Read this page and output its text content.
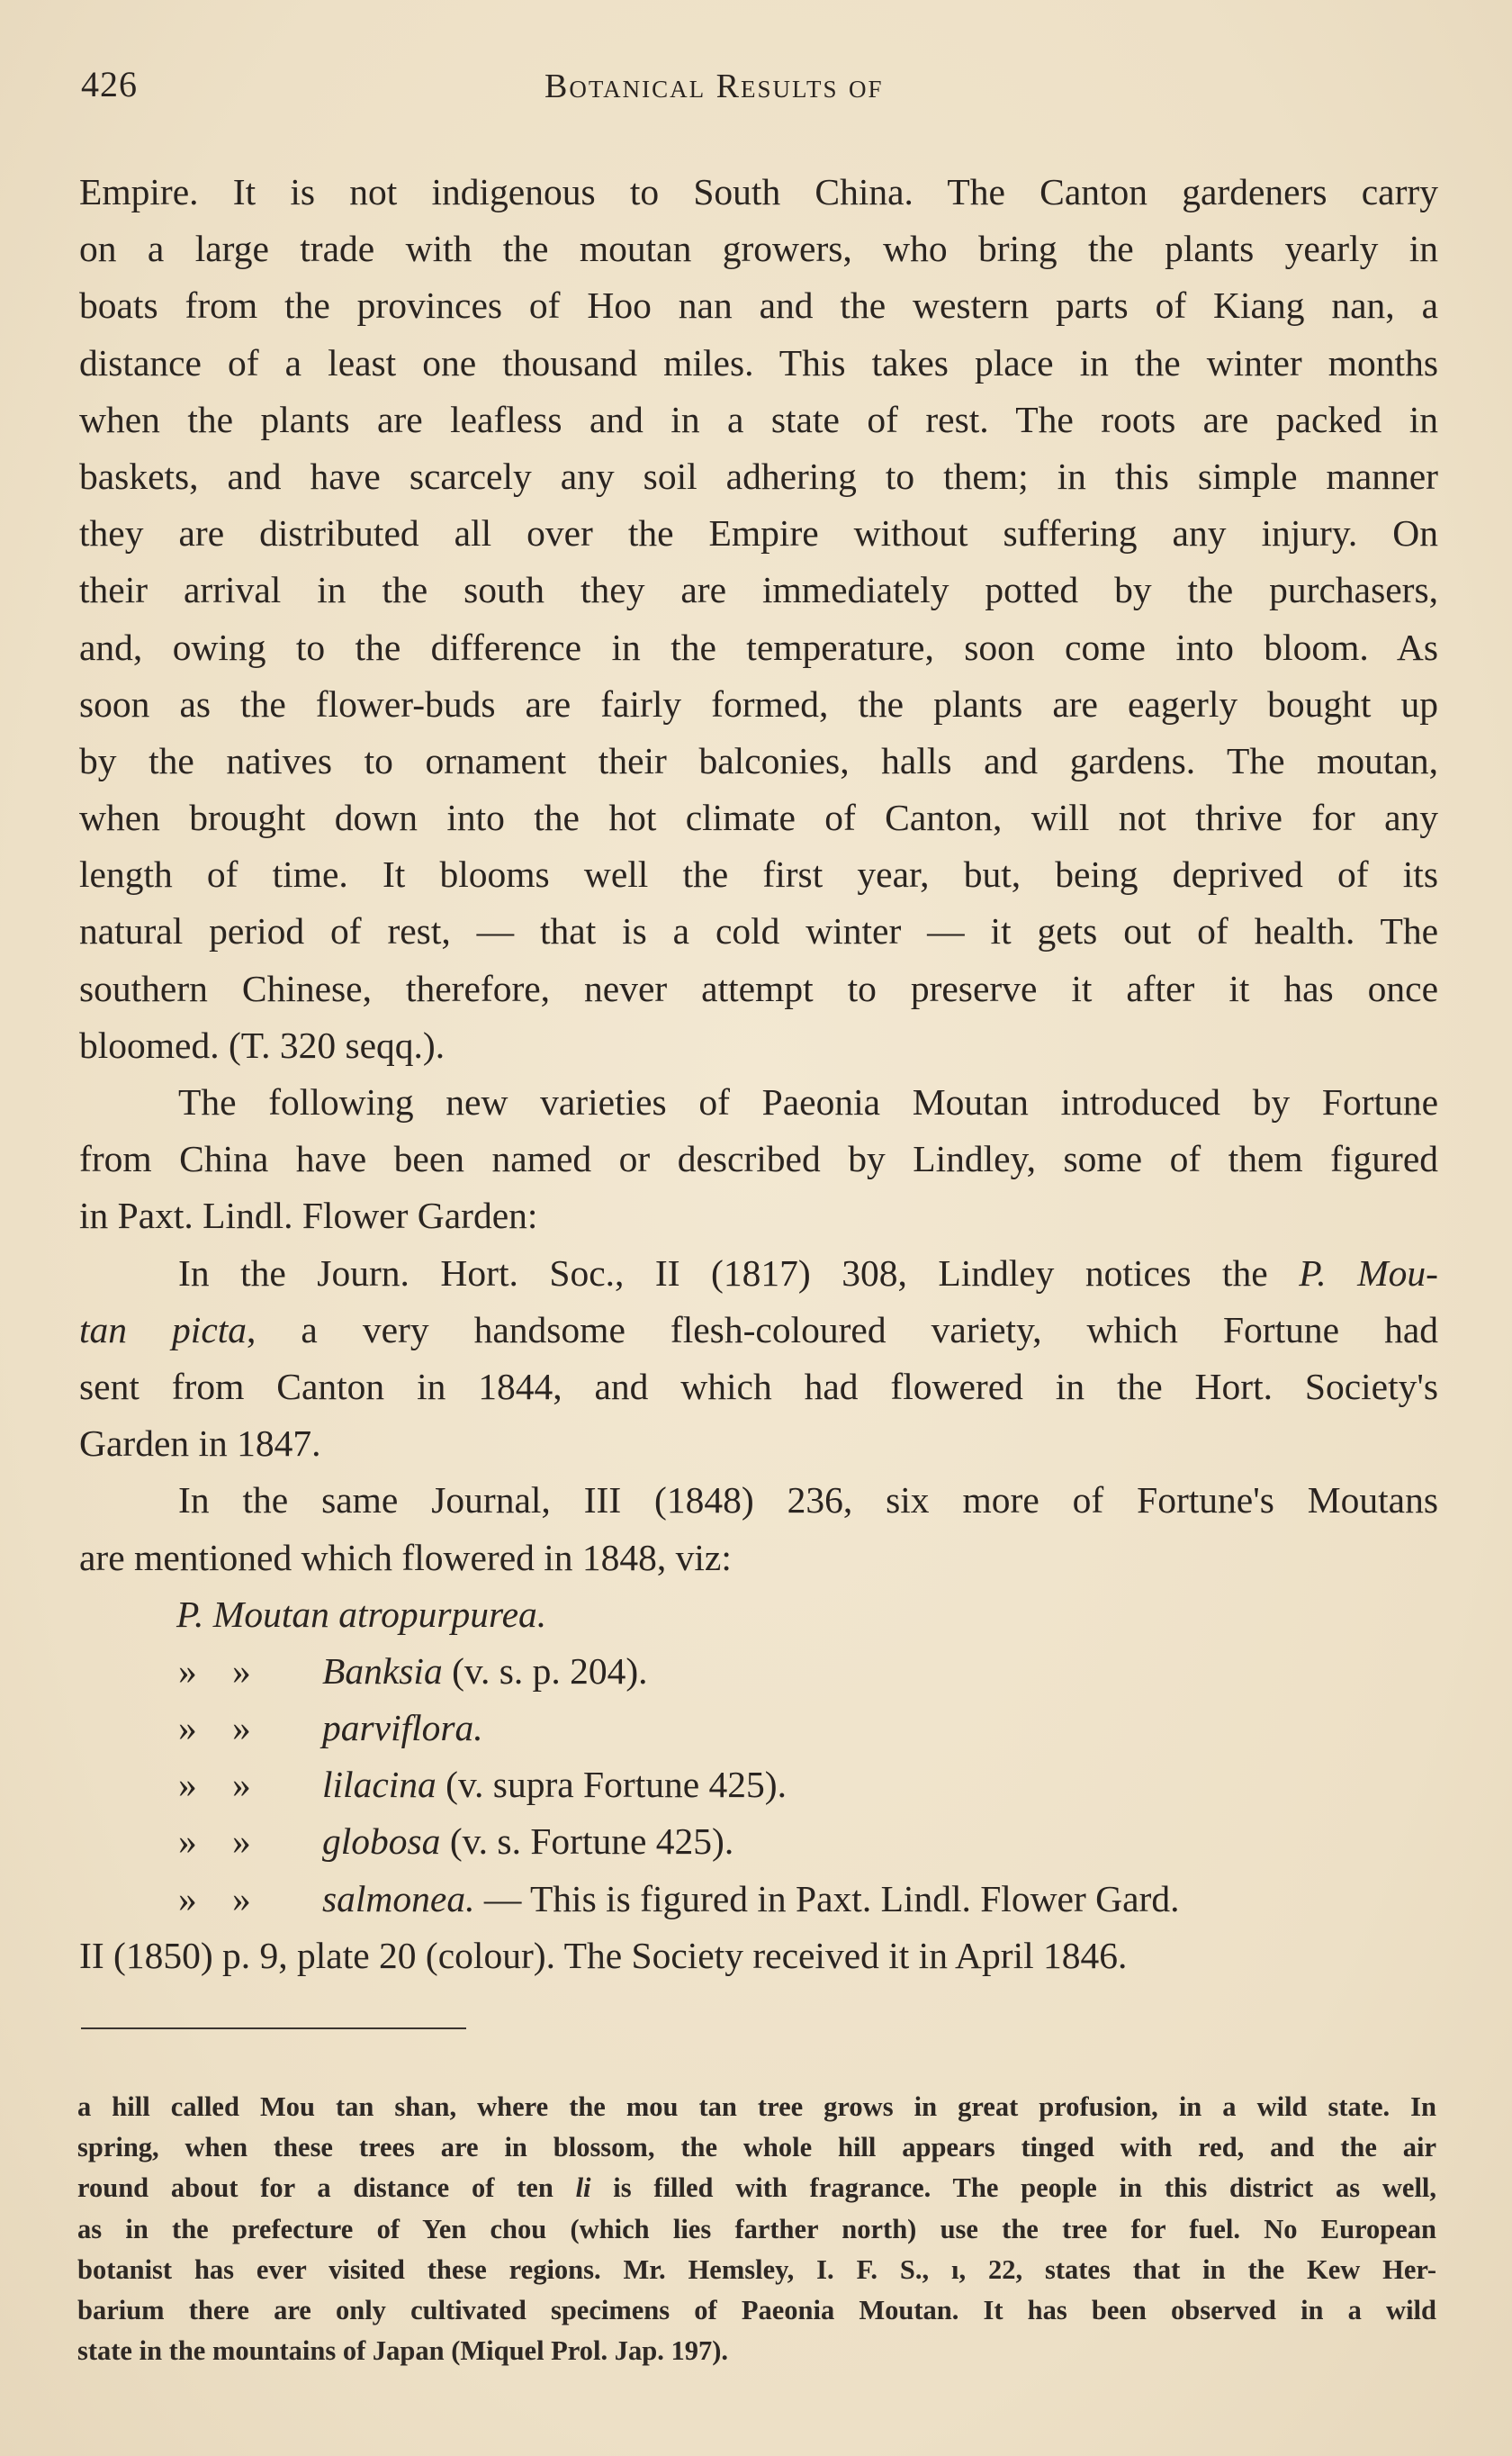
426	Botanical Results of
Empire. It is not indigenous to South China. The Canton gardeners carry
on a large trade with the moutan growers, who bring the plants yearly in
boats from the provinces of Hoo nan and the western parts of Kiang nan, a
distance of a least one thousand miles. This takes place in the winter months
when the plants are leafless and in a state of rest. The roots are packed in
baskets, and have scarcely any soil adhering to them; in this simple manner
they are distributed all over the Empire without suffering any injury. On
their arrival in the south they are immediately potted by the purchasers,
and, owing to the difference in the temperature, soon come into bloom. As
soon as the flower-buds are fairly formed, the plants are eagerly bought up
by the natives to ornament their balconies, halls and gardens. The moutan,
when brought down into the hot climate of Canton, will not thrive for any
length of time. It blooms well the first year, but, being deprived of its
natural period of rest, — that is a cold winter — it gets out of health. The
southern Chinese, therefore, never attempt to preserve it after it has once
bloomed. (T. 320 seqq.).
The following new varieties of Paeonia Moutan introduced by Fortune
from China have been named or described by Lindley, some of them figured
in Paxt. Lindl. Flower Garden:
In the Journ. Hort. Soc., II (1817) 308, Lindley notices the P. Mou-
tan picta, a very handsome flesh-coloured variety, which Fortune had
sent from Canton in 1844, and which had flowered in the Hort. Society's
Garden in 1847.
In the same Journal, III (1848) 236, six more of Fortune's Moutans
are mentioned which flowered in 1848, viz:
P. Moutan atropurpurea.
» » Banksia (v. s. p. 204).
» » parviflora.
» » lilacina (v. supra Fortune 425).
» » globosa (v. s. Fortune 425).
» » salmonea. — This is figured in Paxt. Lindl. Flower Gard.
II (1850) p. 9, plate 20 (colour). The Society received it in April 1846.
a hill called Mou tan shan, where the mou tan tree grows in great profusion, in a wild state. In
spring, when these trees are in blossom, the whole hill appears tinged with red, and the air
round about for a distance of ten li is filled with fragrance. The people in this district as well,
as in the prefecture of Yen chou (which lies farther north) use the tree for fuel. No European
botanist has ever visited these regions. Mr. Hemsley, I. F. S., ı, 22, states that in the Kew Her-
barium there are only cultivated specimens of Paeonia Moutan. It has been observed in a wild
state in the mountains of Japan (Miquel Prol. Jap. 197).
